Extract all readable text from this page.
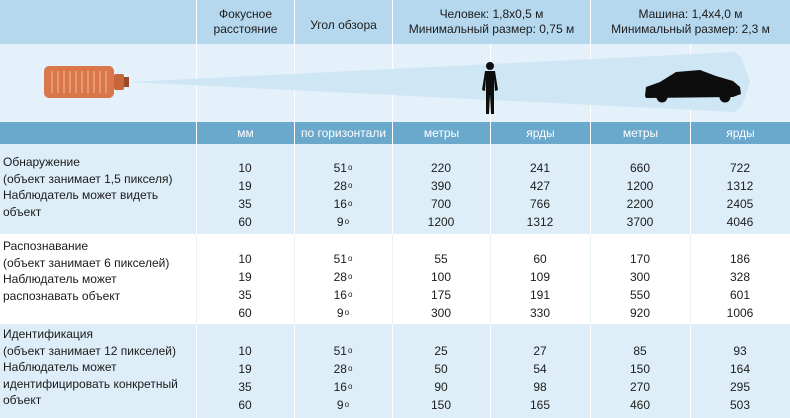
Фокусное
расстояние	Угол обзора
Человек: 1,8x0,5 м
Минимальный размер: 0,75 м
Машина: 1,4x4,0 м
Минимальный размер: 2,3 м
мм	по горизонтали	метры	ярды	метры	ярды
Обнаружение
(объект занимает 1,5 пикселя)
Наблюдатель может видеть
объект
10	51 o	220	241	660	722
19	28 o	390	427	1200	1312
35	16 o	700	766	2200	2405
60	9 o	1200	1312	3700	4046
Распознавание
(объект занимает 6 пикселей)
Наблюдатель может
распознавать объект
10	51 o	55	60	170	186
19	28 o	100	109	300	328
35	16 o	175	191	550	601
60	9 o	300	330	920	1006
Идентификация
(объект занимает 12 пикселей)
Наблюдатель может
идентифицировать конкретный
объект
10	51 o	25	27	85	93
19	28 o	50	54	150	164
35	16 o	90	98	270	295
60	9 o	150	165	460	503
